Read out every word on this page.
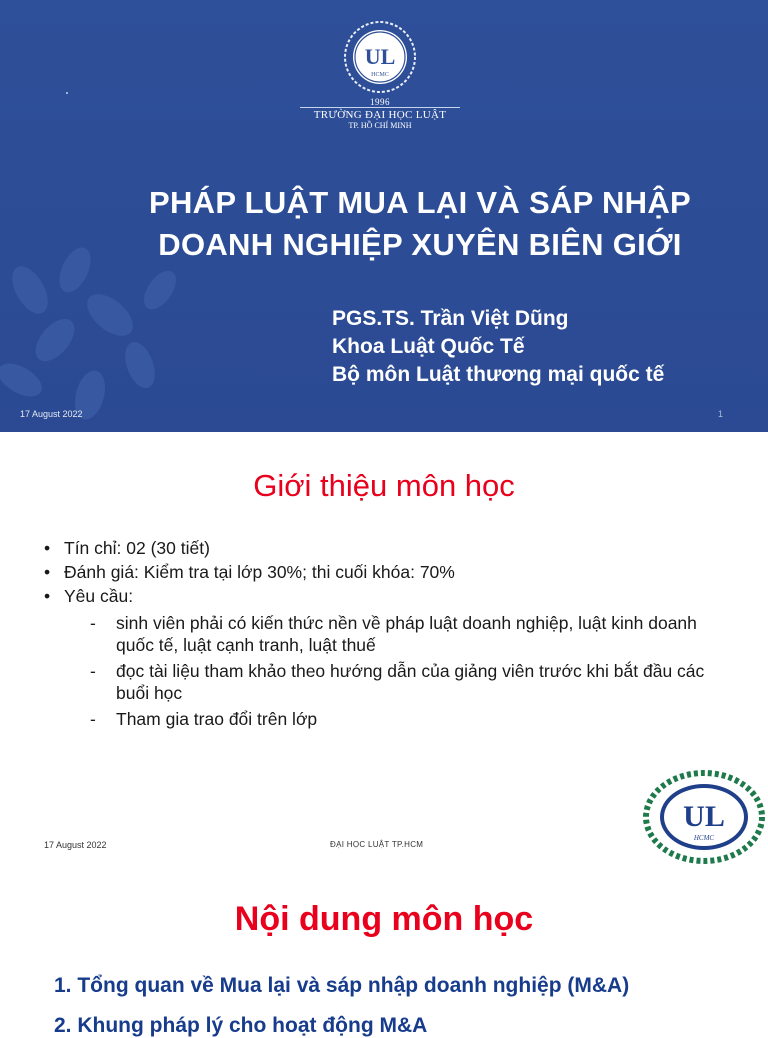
UL
HCMC
1996
TRƯỜNG ĐẠI HỌC LUẬT
TP. HỒ CHÍ MINH
PHÁP LUẬT MUA LẠI VÀ SÁP NHẬP
DOANH NGHIỆP XUYÊN BIÊN GIỚI
PGS.TS. Trần Việt Dũng
Khoa Luật Quốc Tế
Bộ môn Luật thương mại quốc tế
17 August 2022	1
Giới thiệu môn học
• Tín chỉ: 02 (30 tiết)
• Đánh giá: Kiểm tra tại lớp 30%; thi cuối khóa: 70%
• Yêu cầu:
-	sinh viên phải có kiến thức nền về pháp luật doanh nghiệp, luật kinh doanh quốc tế, luật cạnh tranh, luật thuế
-	đọc tài liệu tham khảo theo hướng dẫn của giảng viên trước khi bắt đầu các buổi học
-	Tham gia trao đổi trên lớp
17 August 2022	ĐẠI HỌC LUẬT TP.HCM
UL
HCMC
Nội dung môn học
1. Tổng quan về Mua lại và sáp nhập doanh nghiệp (M&A)
2. Khung pháp lý cho hoạt động M&A
